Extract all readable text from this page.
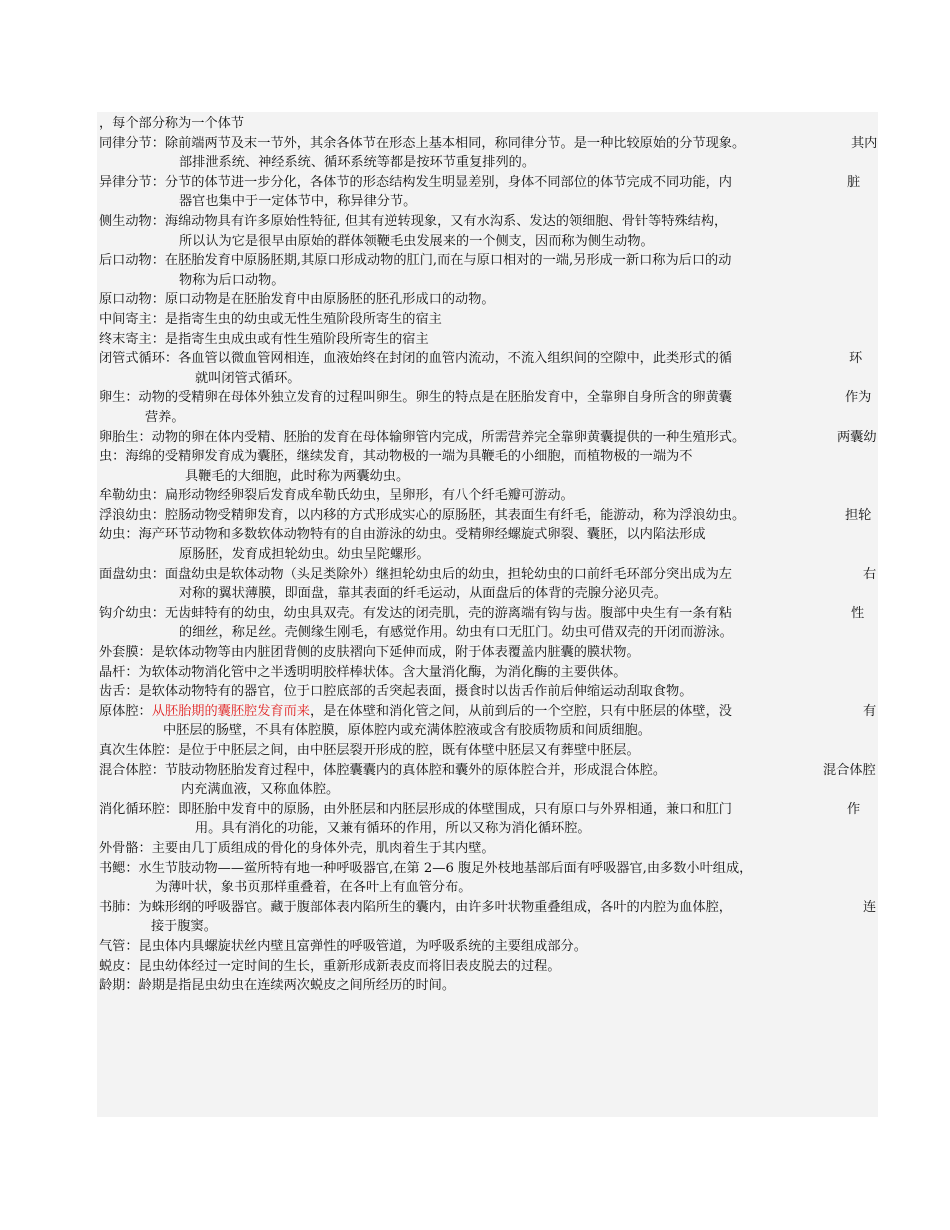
，每个部分称为一个体节
同律分节：除前端两节及末一节外，其余各体节在形态上基本相同，称同律分节。是一种比较原始的分节现象。	其内
部排泄系统、神经系统、循环系统等都是按环节重复排列的。
异律分节：分节的体节进一步分化，各体节的形态结构发生明显差别，身体不同部位的体节完成不同功能，内	脏
器官也集中于一定体节中，称异律分节。
侧生动物：海绵动物具有许多原始性特征, 但其有逆转现象，又有水沟系、发达的领细胞、骨针等特殊结构，
所以认为它是很早由原始的群体领鞭毛虫发展来的一个侧支，因而称为侧生动物。
后口动物：在胚胎发育中原肠胚期,其原口形成动物的肛门,而在与原口相对的一端,另形成一新口称为后口的动
物称为后口动物。
原口动物：原口动物是在胚胎发育中由原肠胚的胚孔形成口的动物。
中间寄主：是指寄生虫的幼虫或无性生殖阶段所寄生的宿主
终末寄主：是指寄生虫成虫或有性生殖阶段所寄生的宿主
闭管式循环：各血管以微血管网相连，血液始终在封闭的血管内流动，不流入组织间的空隙中，此类形式的循	环
就叫闭管式循环。
卵生：动物的受精卵在母体外独立发育的过程叫卵生。卵生的特点是在胚胎发育中，全靠卵自身所含的卵黄囊	作为
营养。
卵胎生：动物的卵在体内受精、胚胎的发育在母体输卵管内完成，所需营养完全靠卵黄囊提供的一种生殖形式。	两囊幼
虫：海绵的受精卵发育成为囊胚，继续发育，其动物极的一端为具鞭毛的小细胞，而植物极的一端为不
具鞭毛的大细胞，此时称为两囊幼虫。
牟勒幼虫：扁形动物经卵裂后发育成牟勒氏幼虫，呈卵形，有八个纤毛瓣可游动。
浮浪幼虫：腔肠动物受精卵发育，以内移的方式形成实心的原肠胚，其表面生有纤毛，能游动，称为浮浪幼虫。	担轮
幼虫：海产环节动物和多数软体动物特有的自由游泳的幼虫。受精卵经螺旋式卵裂、囊胚，以内陷法形成
原肠胚，发育成担轮幼虫。幼虫呈陀螺形。
面盘幼虫：面盘幼虫是软体动物（头足类除外）继担轮幼虫后的幼虫，担轮幼虫的口前纤毛环部分突出成为左	右
对称的翼状薄膜，即面盘，靠其表面的纤毛运动，从面盘后的体背的壳腺分泌贝壳。
钩介幼虫：无齿蚌特有的幼虫，幼虫具双壳。有发达的闭壳肌，壳的游离端有钩与齿。腹部中央生有一条有粘	性
的细丝，称足丝。壳侧缘生刚毛，有感觉作用。幼虫有口无肛门。幼虫可借双壳的开闭而游泳。
外套膜：是软体动物等由内脏团背侧的皮肤褶向下延伸而成，附于体表覆盖内脏囊的膜状物。
晶杆：为软体动物消化管中之半透明明胶样棒状体。含大量消化酶，为消化酶的主要供体。
齿舌：是软体动物特有的器官，位于口腔底部的舌突起表面，摄食时以齿舌作前后伸缩运动刮取食物。
原体腔：从胚胎期的囊胚腔发育而来，是在体壁和消化管之间，从前到后的一个空腔，只有中胚层的体壁，没	有
中胚层的肠壁，不具有体腔膜，原体腔内或充满体腔液或含有胶质物质和间质细胞。
真次生体腔：是位于中胚层之间，由中胚层裂开形成的腔，既有体壁中胚层又有葬壁中胚层。
混合体腔：节肢动物胚胎发育过程中，体腔囊囊内的真体腔和囊外的原体腔合并，形成混合体腔。	混合体腔
内充满血液，又称血体腔。
消化循环腔：即胚胎中发育中的原肠，由外胚层和内胚层形成的体壁围成，只有原口与外界相通，兼口和肛门	作
用。具有消化的功能，又兼有循环的作用，所以又称为消化循环腔。
外骨骼：主要由几丁质组成的骨化的身体外壳，肌肉着生于其内壁。
书鳃：水生节肢动物——鲎所特有地一种呼吸器官,在第 2—6 腹足外枝地基部后面有呼吸器官,由多数小叶组成，
为薄叶状，象书页那样重叠着，在各叶上有血管分布。
书肺：为蛛形纲的呼吸器官。藏于腹部体表内陷所生的囊内，由许多叶状物重叠组成，各叶的内腔为血体腔，	连
接于腹窦。
气管：昆虫体内具螺旋状丝内壁且富弹性的呼吸管道，为呼吸系统的主要组成部分。
蜕皮：昆虫幼体经过一定时间的生长，重新形成新表皮而将旧表皮脱去的过程。
龄期：龄期是指昆虫幼虫在连续两次蜕皮之间所经历的时间。
